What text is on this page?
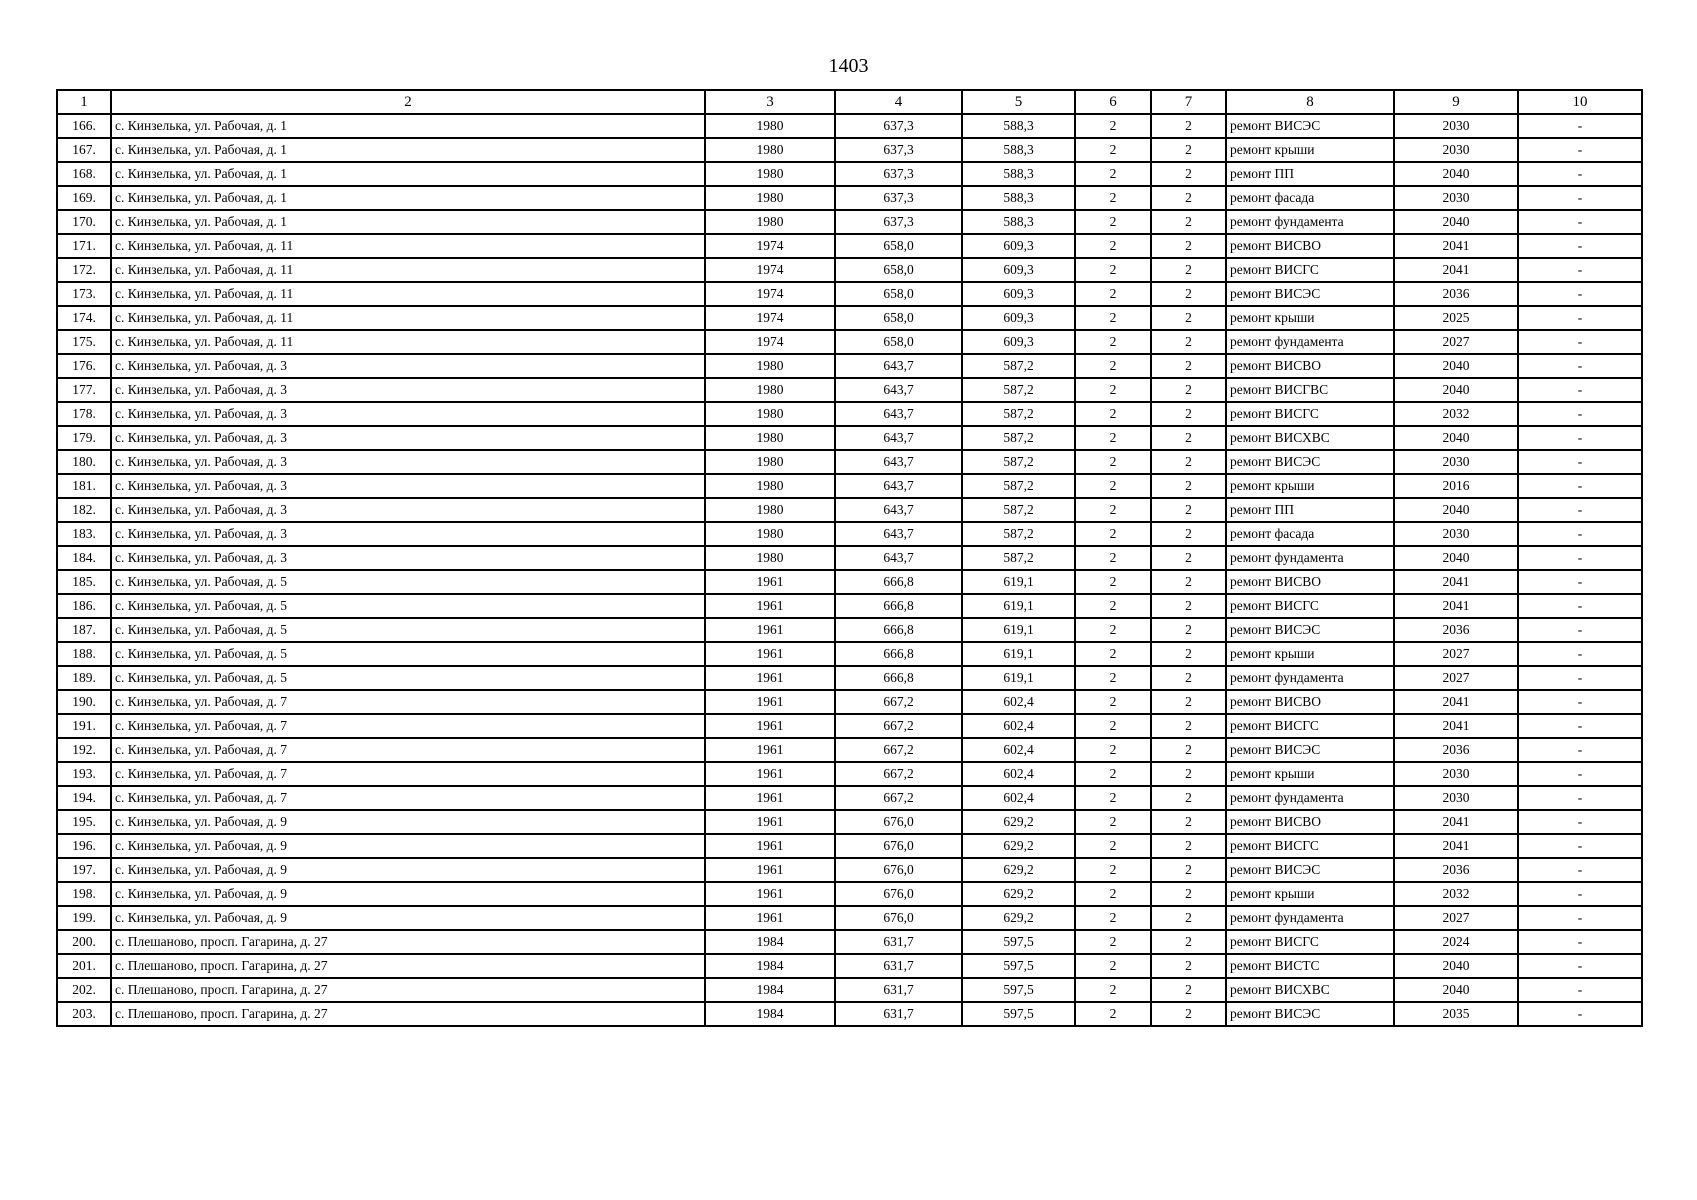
1403
1	2	3	4	5	6	7	8	9	10
166.	с. Кинзелька, ул. Рабочая, д. 1	1980	637,3	588,3	2	2	ремонт ВИСЭС	2030	-
167.	с. Кинзелька, ул. Рабочая, д. 1	1980	637,3	588,3	2	2	ремонт крыши	2030	-
168.	с. Кинзелька, ул. Рабочая, д. 1	1980	637,3	588,3	2	2	ремонт ПП	2040	-
169.	с. Кинзелька, ул. Рабочая, д. 1	1980	637,3	588,3	2	2	ремонт фасада	2030	-
170.	с. Кинзелька, ул. Рабочая, д. 1	1980	637,3	588,3	2	2	ремонт фундамента	2040	-
171.	с. Кинзелька, ул. Рабочая, д. 11	1974	658,0	609,3	2	2	ремонт ВИСВО	2041	-
172.	с. Кинзелька, ул. Рабочая, д. 11	1974	658,0	609,3	2	2	ремонт ВИСГС	2041	-
173.	с. Кинзелька, ул. Рабочая, д. 11	1974	658,0	609,3	2	2	ремонт ВИСЭС	2036	-
174.	с. Кинзелька, ул. Рабочая, д. 11	1974	658,0	609,3	2	2	ремонт крыши	2025	-
175.	с. Кинзелька, ул. Рабочая, д. 11	1974	658,0	609,3	2	2	ремонт фундамента	2027	-
176.	с. Кинзелька, ул. Рабочая, д. 3	1980	643,7	587,2	2	2	ремонт ВИСВО	2040	-
177.	с. Кинзелька, ул. Рабочая, д. 3	1980	643,7	587,2	2	2	ремонт ВИСГВС	2040	-
178.	с. Кинзелька, ул. Рабочая, д. 3	1980	643,7	587,2	2	2	ремонт ВИСГС	2032	-
179.	с. Кинзелька, ул. Рабочая, д. 3	1980	643,7	587,2	2	2	ремонт ВИСХВС	2040	-
180.	с. Кинзелька, ул. Рабочая, д. 3	1980	643,7	587,2	2	2	ремонт ВИСЭС	2030	-
181.	с. Кинзелька, ул. Рабочая, д. 3	1980	643,7	587,2	2	2	ремонт крыши	2016	-
182.	с. Кинзелька, ул. Рабочая, д. 3	1980	643,7	587,2	2	2	ремонт ПП	2040	-
183.	с. Кинзелька, ул. Рабочая, д. 3	1980	643,7	587,2	2	2	ремонт фасада	2030	-
184.	с. Кинзелька, ул. Рабочая, д. 3	1980	643,7	587,2	2	2	ремонт фундамента	2040	-
185.	с. Кинзелька, ул. Рабочая, д. 5	1961	666,8	619,1	2	2	ремонт ВИСВО	2041	-
186.	с. Кинзелька, ул. Рабочая, д. 5	1961	666,8	619,1	2	2	ремонт ВИСГС	2041	-
187.	с. Кинзелька, ул. Рабочая, д. 5	1961	666,8	619,1	2	2	ремонт ВИСЭС	2036	-
188.	с. Кинзелька, ул. Рабочая, д. 5	1961	666,8	619,1	2	2	ремонт крыши	2027	-
189.	с. Кинзелька, ул. Рабочая, д. 5	1961	666,8	619,1	2	2	ремонт фундамента	2027	-
190.	с. Кинзелька, ул. Рабочая, д. 7	1961	667,2	602,4	2	2	ремонт ВИСВО	2041	-
191.	с. Кинзелька, ул. Рабочая, д. 7	1961	667,2	602,4	2	2	ремонт ВИСГС	2041	-
192.	с. Кинзелька, ул. Рабочая, д. 7	1961	667,2	602,4	2	2	ремонт ВИСЭС	2036	-
193.	с. Кинзелька, ул. Рабочая, д. 7	1961	667,2	602,4	2	2	ремонт крыши	2030	-
194.	с. Кинзелька, ул. Рабочая, д. 7	1961	667,2	602,4	2	2	ремонт фундамента	2030	-
195.	с. Кинзелька, ул. Рабочая, д. 9	1961	676,0	629,2	2	2	ремонт ВИСВО	2041	-
196.	с. Кинзелька, ул. Рабочая, д. 9	1961	676,0	629,2	2	2	ремонт ВИСГС	2041	-
197.	с. Кинзелька, ул. Рабочая, д. 9	1961	676,0	629,2	2	2	ремонт ВИСЭС	2036	-
198.	с. Кинзелька, ул. Рабочая, д. 9	1961	676,0	629,2	2	2	ремонт крыши	2032	-
199.	с. Кинзелька, ул. Рабочая, д. 9	1961	676,0	629,2	2	2	ремонт фундамента	2027	-
200.	с. Плешаново, просп. Гагарина, д. 27	1984	631,7	597,5	2	2	ремонт ВИСГС	2024	-
201.	с. Плешаново, просп. Гагарина, д. 27	1984	631,7	597,5	2	2	ремонт ВИСТС	2040	-
202.	с. Плешаново, просп. Гагарина, д. 27	1984	631,7	597,5	2	2	ремонт ВИСХВС	2040	-
203.	с. Плешаново, просп. Гагарина, д. 27	1984	631,7	597,5	2	2	ремонт ВИСЭС	2035	-
